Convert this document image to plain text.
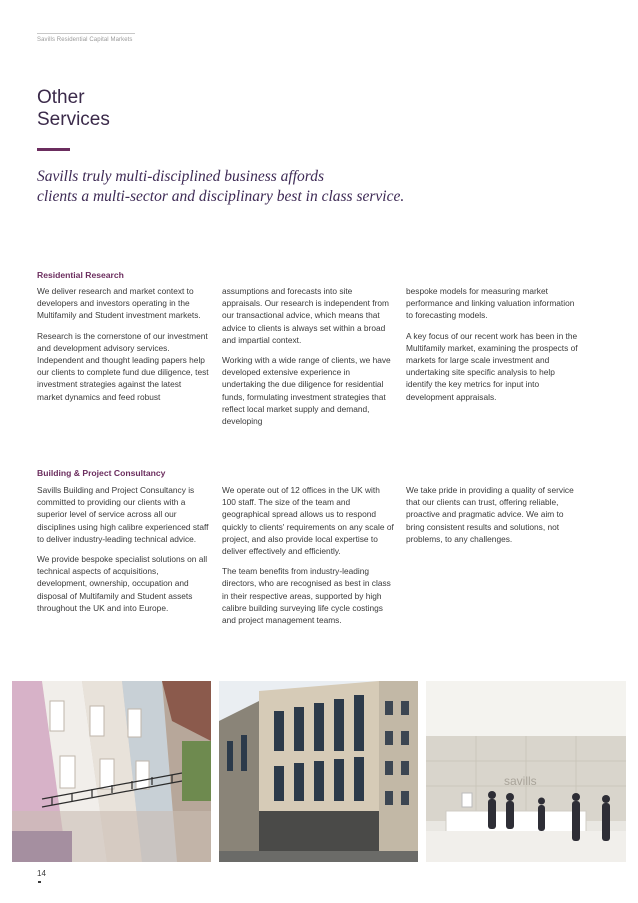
Savills Residential Capital Markets
Other
Services
Savills truly multi-disciplined business affords
clients a multi-sector and disciplinary best in class service.
Residential Research

We deliver research and market context to developers and investors operating in the Multifamily and Student investment markets.

Research is the cornerstone of our investment and development advisory services. Independent and thought leading papers help our clients to complete fund due diligence, test investment strategies against the latest market dynamics and feed robust

assumptions and forecasts into site appraisals. Our research is independent from our transactional advice, which means that advice to clients is always set within a broad and impartial context.

Working with a wide range of clients, we have developed extensive experience in undertaking the due diligence for residential funds, formulating investment strategies that reflect local market supply and demand, developing

bespoke models for measuring market performance and linking valuation information to forecasting models.

A key focus of our recent work has been in the Multifamily market, examining the prospects of markets for large scale investment and undertaking site specific analysis to help identify the key metrics for input into development appraisals.

Building & Project Consultancy

Savills Building and Project Consultancy is committed to providing our clients with a superior level of service across all our disciplines using high calibre experienced staff to deliver industry-leading technical advice.

We provide bespoke specialist solutions on all technical aspects of acquisitions, development, ownership, occupation and disposal of Multifamily and Student assets throughout the UK and into Europe.

We operate out of 12 offices in the UK with 100 staff. The size of the team and geographical spread allows us to respond quickly to clients' requirements on any scale of project, and also provide local expertise to deliver effectively and efficiently.

The team benefits from industry-leading directors, who are recognised as best in class in their respective areas, supported by high calibre building surveying life cycle costings and project management teams.

We take pride in providing a quality of service that our clients can trust, offering reliable, proactive and pragmatic advice. We aim to bring consistent results and solutions, not problems, to any challenges.

savills
14
